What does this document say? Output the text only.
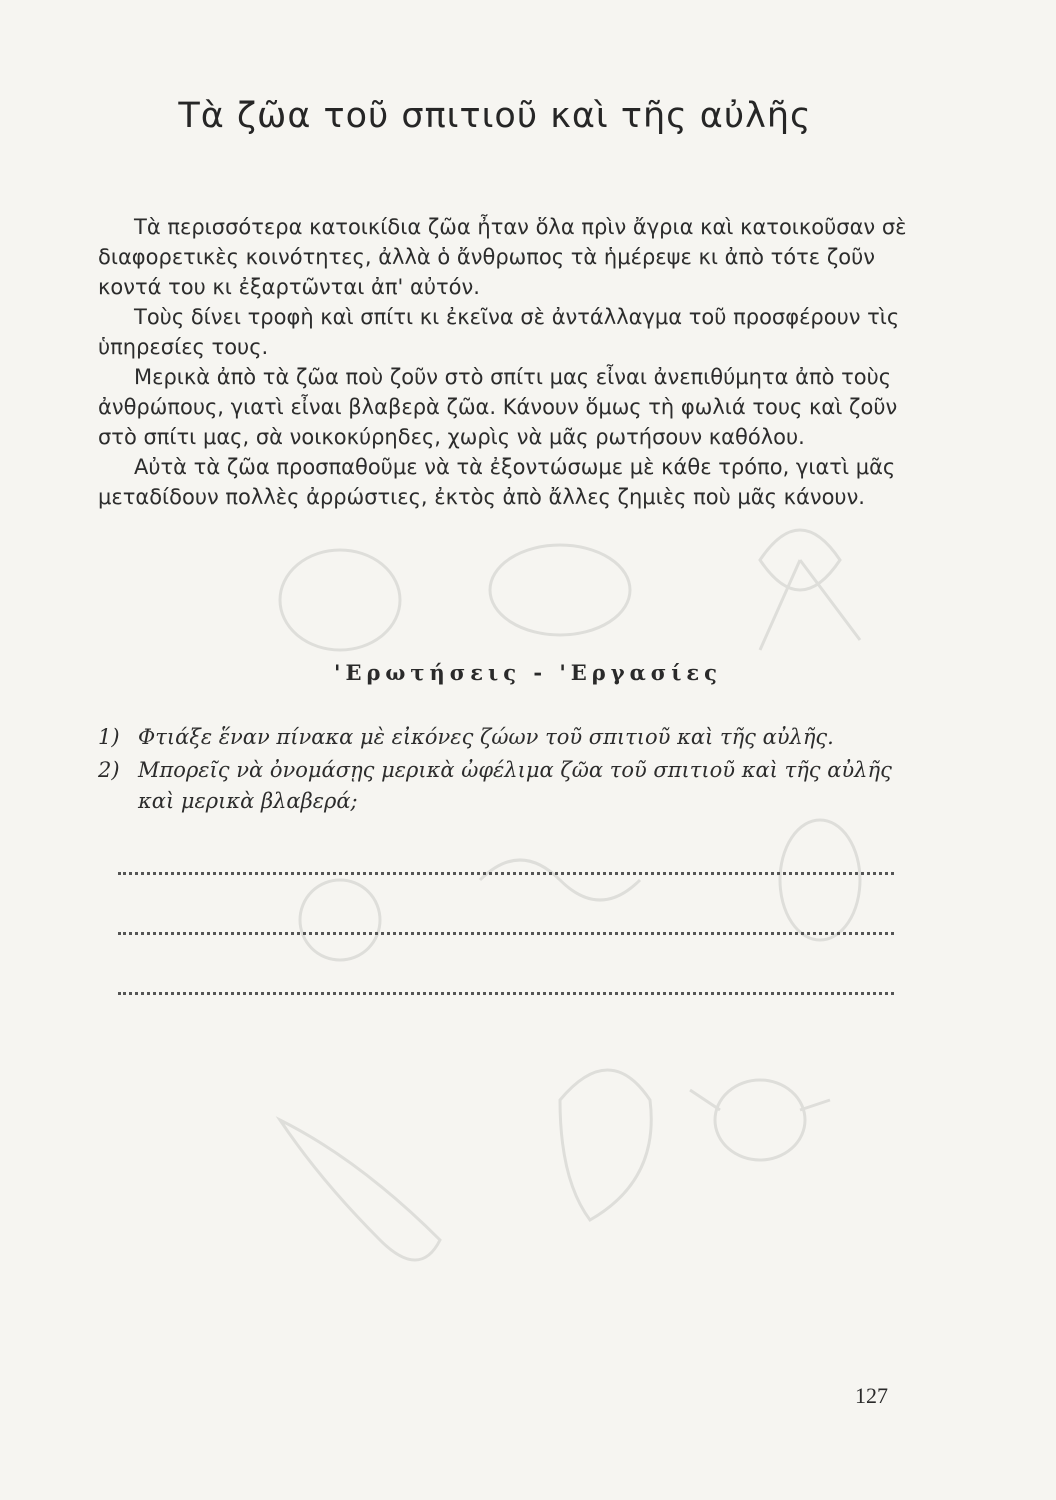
Τὰ ζῶα τοῦ σπιτιοῦ καὶ τῆς αὐλῆς

Τὰ περισσότερα κατοικίδια ζῶα ἦταν ὅλα πρὶν ἄγρια καὶ κατοικοῦσαν σὲ διαφορετικὲς κοινότητες, ἀλλὰ ὁ ἄνθρωπος τὰ ἡμέρεψε κι ἀπὸ τότε ζοῦν κοντά του κι ἐξαρτῶνται ἀπ' αὐτόν.

Τοὺς δίνει τροφὴ καὶ σπίτι κι ἐκεῖνα σὲ ἀντάλλαγμα τοῦ προσφέρουν τὶς ὑπηρεσίες τους.

Μερικὰ ἀπὸ τὰ ζῶα ποὺ ζοῦν στὸ σπίτι μας εἶναι ἀνεπιθύμητα ἀπὸ τοὺς ἀνθρώπους, γιατὶ εἶναι βλαβερὰ ζῶα. Κάνουν ὅμως τὴ φωλιά τους καὶ ζοῦν στὸ σπίτι μας, σὰ νοικοκύρηδες, χωρὶς νὰ μᾶς ρωτήσουν καθόλου.

Αὐτὰ τὰ ζῶα προσπαθοῦμε νὰ τὰ ἐξοντώσωμε μὲ κάθε τρόπο, γιατὶ μᾶς μεταδίδουν πολλὲς ἀρρώστιες, ἐκτὸς ἀπὸ ἄλλες ζημιὲς ποὺ μᾶς κάνουν.

'Ερωτήσεις - 'Εργασίες
1) Φτιάξε ἕναν πίνακα μὲ εἰκόνες ζώων τοῦ σπιτιοῦ καὶ τῆς αὐλῆς.
2) Μπορεῖς νὰ ὀνομάσῃς μερικὰ ὠφέλιμα ζῶα τοῦ σπιτιοῦ καὶ τῆς αὐλῆς καὶ μερικὰ βλαβερά;
127
